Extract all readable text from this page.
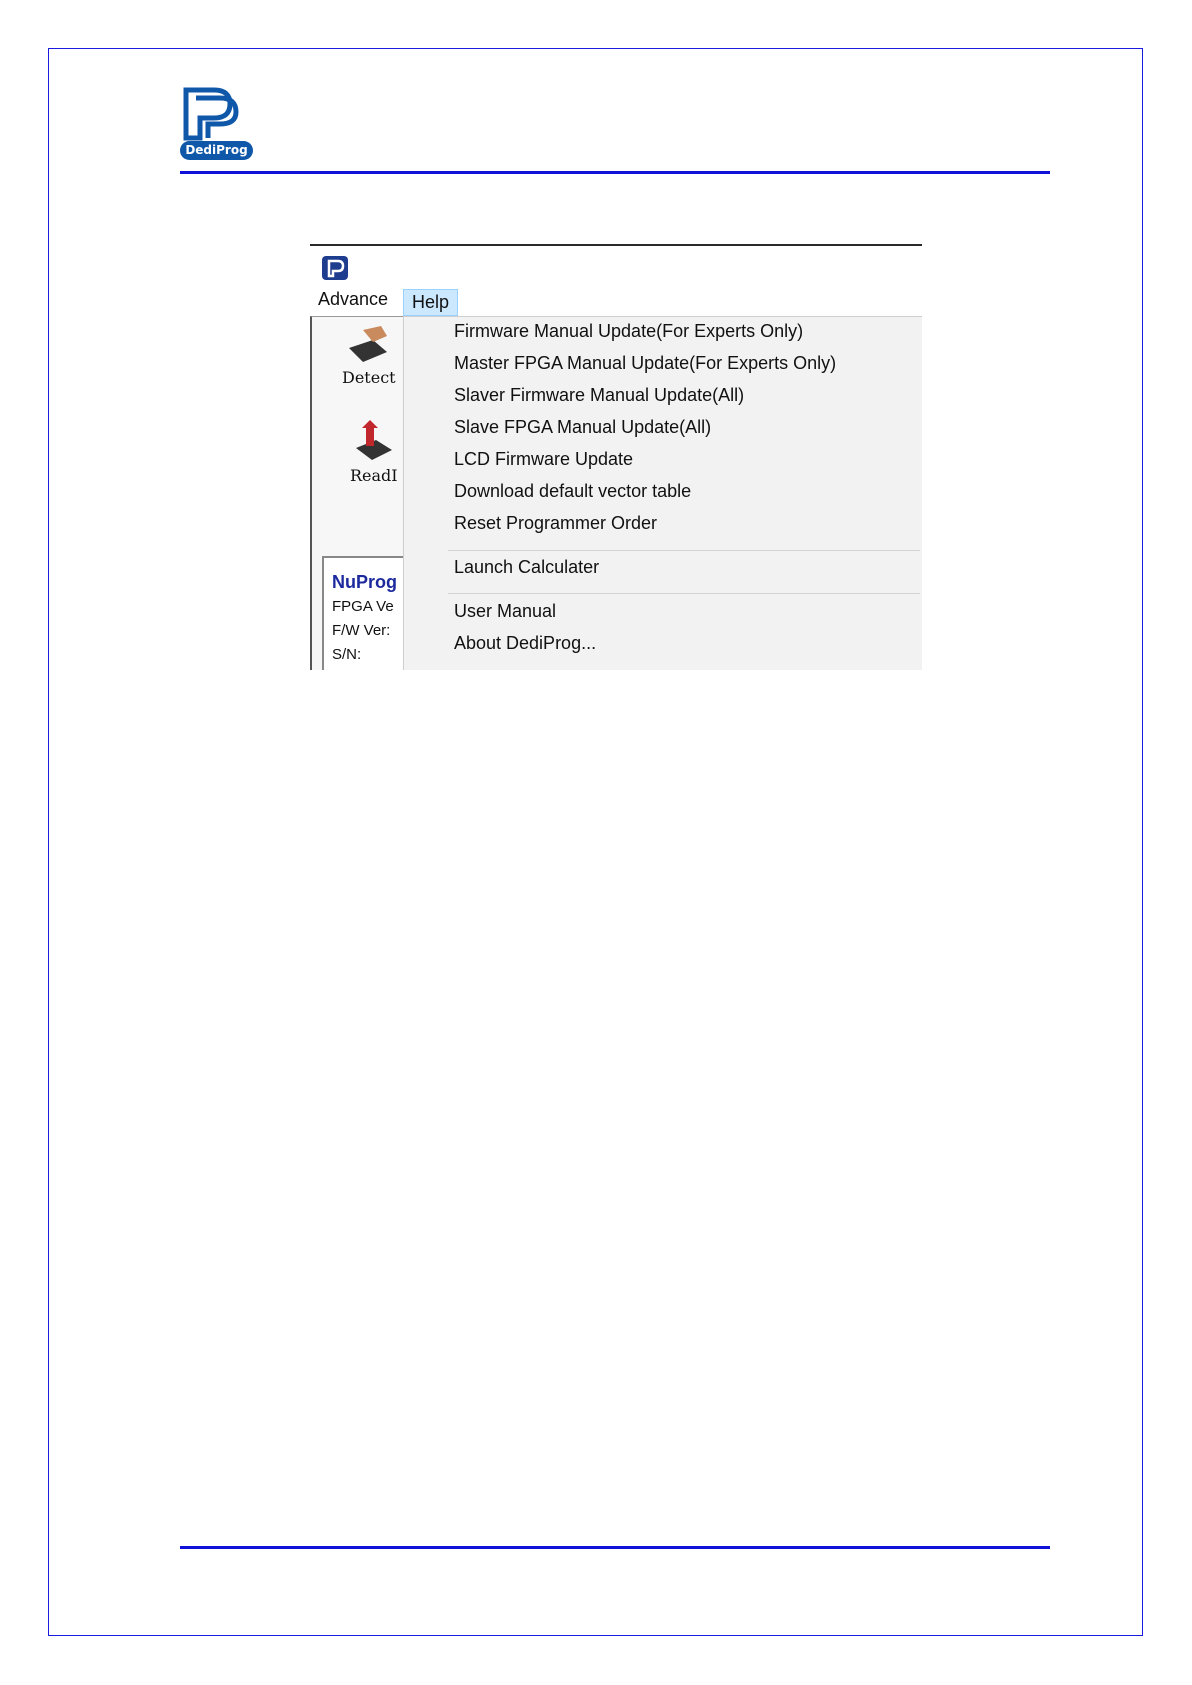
DediProg
Advance	Help
Detect
ReadI
NuProg
FPGA Ve
F/W Ver:
S/N:
Firmware Manual Update(For Experts Only)
Master FPGA Manual Update(For Experts Only)
Slaver Firmware Manual Update(All)
Slave FPGA Manual Update(All)
LCD Firmware Update
Download default vector table
Reset Programmer Order
Launch Calculater
User Manual
About DediProg...
